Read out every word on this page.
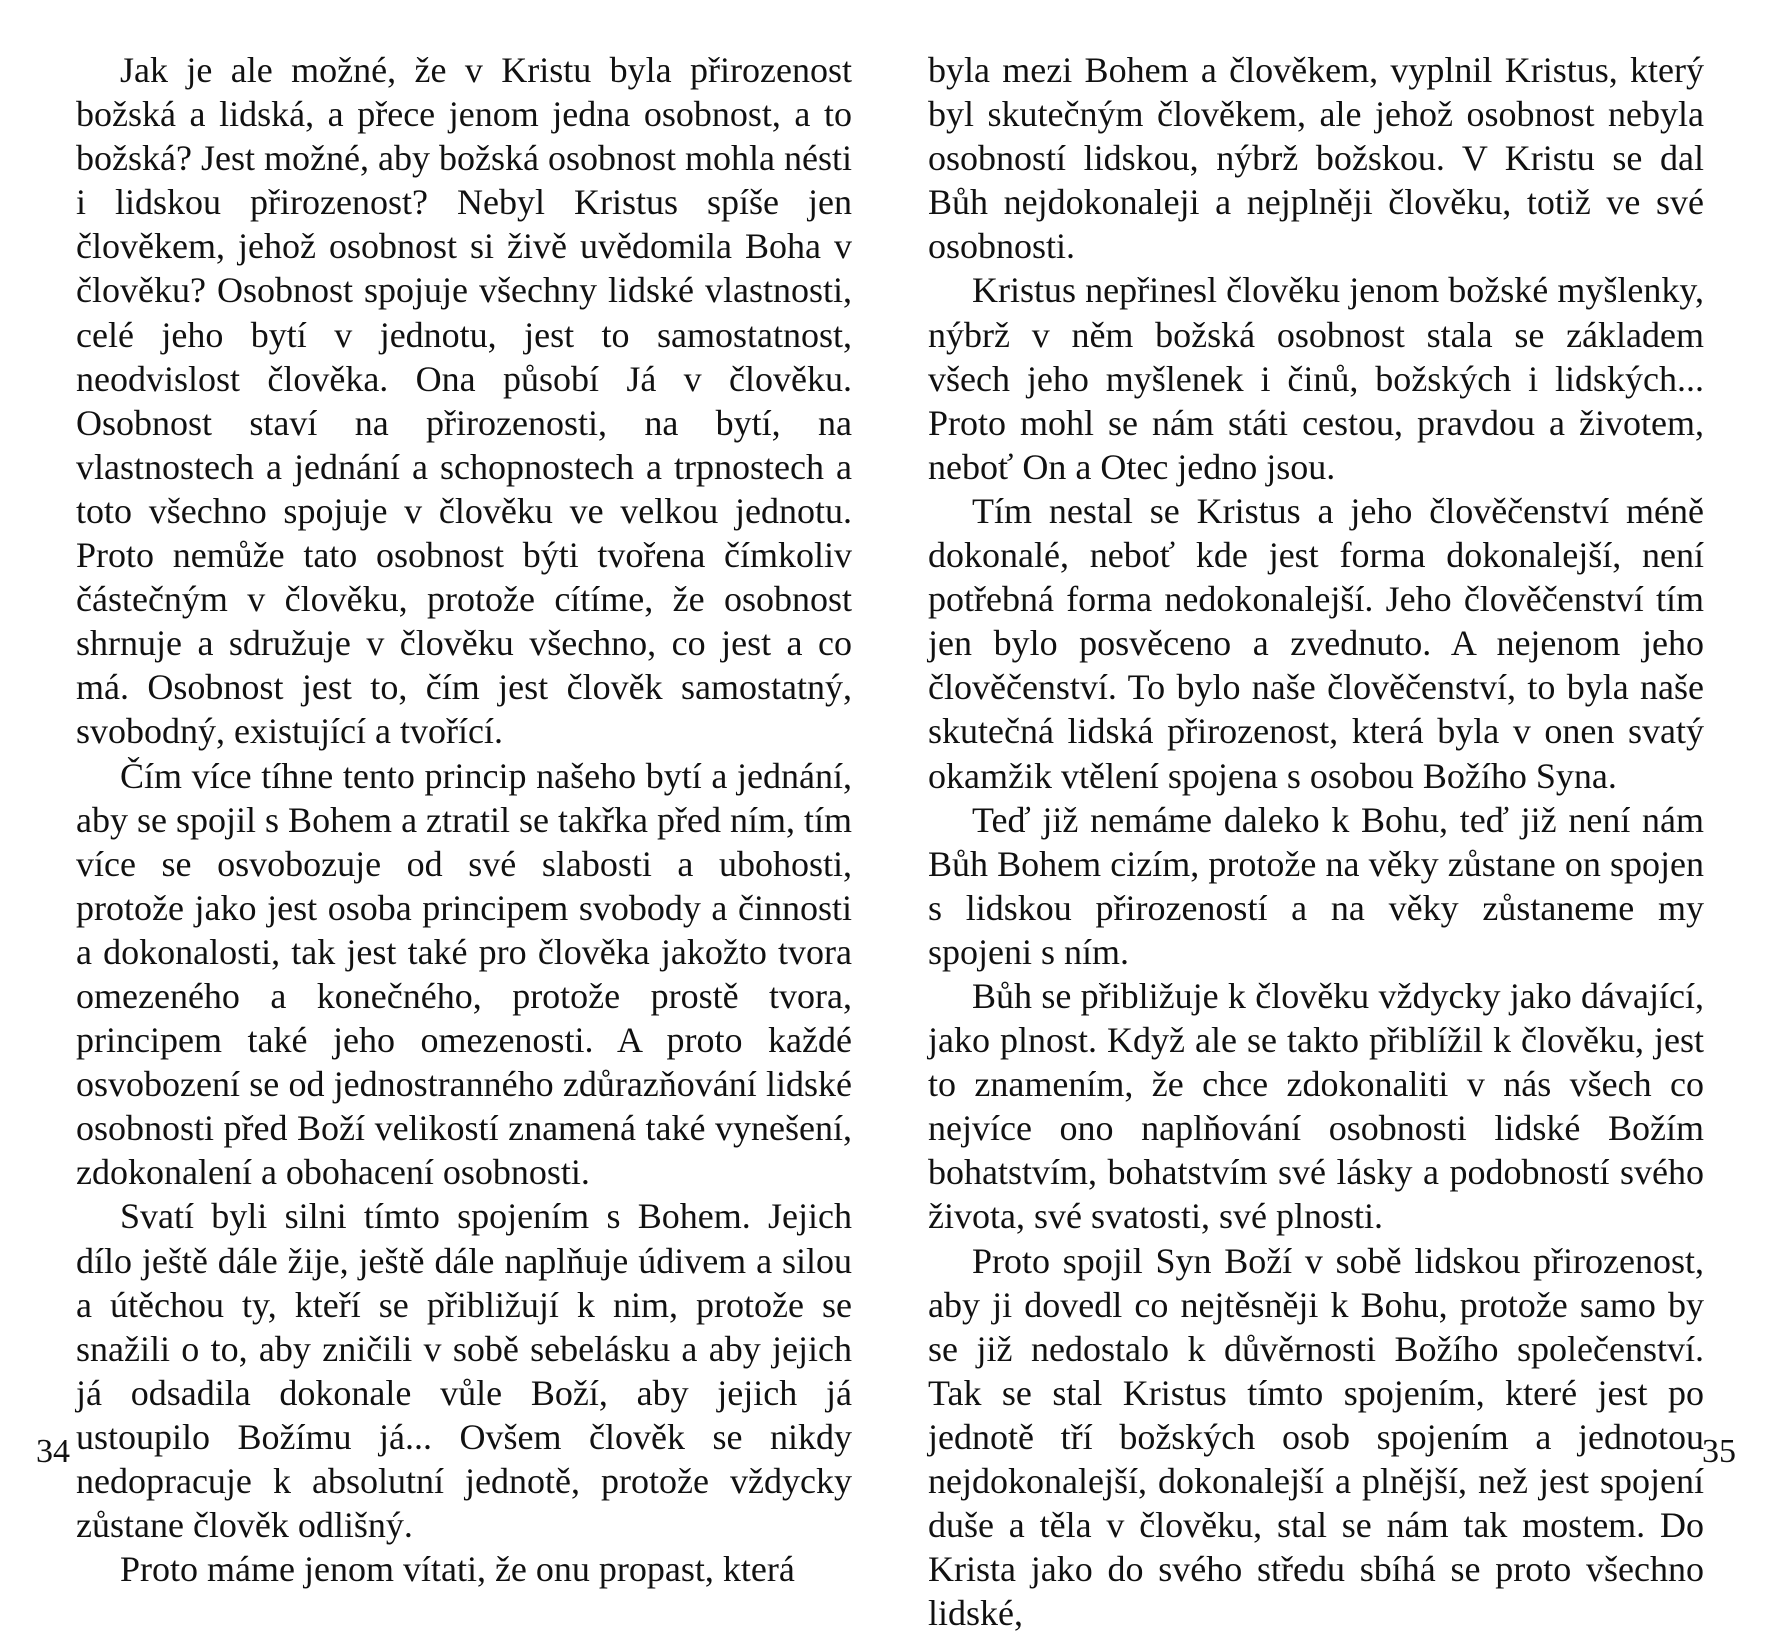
Jak je ale možné, že v Kristu byla přirozenost božská a lidská, a přece jenom jedna osobnost, a to božská? Jest možné, aby božská osobnost mohla nésti i lidskou přirozenost? Nebyl Kristus spíše jen člověkem, jehož osobnost si živě uvědomila Boha v člověku? Osobnost spojuje všechny lidské vlastnosti, celé jeho bytí v jednotu, jest to samostatnost, neodvislost člověka. Ona působí Já v člověku. Osobnost staví na přirozenosti, na bytí, na vlastnostech a jednání a schopnostech a trpnostech a toto všechno spojuje v člověku ve velkou jednotu. Proto nemůže tato osobnost býti tvořena čímkoliv částečným v člověku, protože cítíme, že osobnost shrnuje a sdružuje v člověku všechno, co jest a co má. Osobnost jest to, čím jest člověk samostatný, svobodný, existující a tvořící.

Čím více tíhne tento princip našeho bytí a jednání, aby se spojil s Bohem a ztratil se takřka před ním, tím více se osvobozuje od své slabosti a ubohosti, protože jako jest osoba principem svobody a činnosti a dokonalosti, tak jest také pro člověka jakožto tvora omezeného a konečného, protože prostě tvora, principem také jeho omezenosti. A proto každé osvobození se od jednostranného zdůrazňování lidské osobnosti před Boží velikostí znamená také vynešení, zdokonalení a obohacení osobnosti.

Svatí byli silni tímto spojením s Bohem. Jejich dílo ještě dále žije, ještě dále naplňuje údivem a silou a útěchou ty, kteří se přibližují k nim, protože se snažili o to, aby zničili v sobě sebelásku a aby jejich já odsadila dokonale vůle Boží, aby jejich já ustoupilo Božímu já... Ovšem člověk se nikdy nedopracuje k absolutní jednotě, protože vždycky zůstane člověk odlišný.

Proto máme jenom vítati, že onu propast, která

34

byla mezi Bohem a člověkem, vyplnil Kristus, který byl skutečným člověkem, ale jehož osobnost nebyla osobností lidskou, nýbrž božskou. V Kristu se dal Bůh nejdokonaleji a nejplněji člověku, totiž ve své osobnosti.

Kristus nepřinesl člověku jenom božské myšlenky, nýbrž v něm božská osobnost stala se základem všech jeho myšlenek i činů, božských i lidských... Proto mohl se nám státi cestou, pravdou a životem, neboť On a Otec jedno jsou.

Tím nestal se Kristus a jeho člověčenství méně dokonalé, neboť kde jest forma dokonalejší, není potřebná forma nedokonalejší. Jeho člověčenství tím jen bylo posvěceno a zvednuto. A nejenom jeho člověčenství. To bylo naše člověčenství, to byla naše skutečná lidská přirozenost, která byla v onen svatý okamžik vtělení spojena s osobou Božího Syna.

Teď již nemáme daleko k Bohu, teď již není nám Bůh Bohem cizím, protože na věky zůstane on spojen s lidskou přirozeností a na věky zůstaneme my spojeni s ním.

Bůh se přibližuje k člověku vždycky jako dávající, jako plnost. Když ale se takto přiblížil k člověku, jest to znamením, že chce zdokonaliti v nás všech co nejvíce ono naplňování osobnosti lidské Božím bohatstvím, bohatstvím své lásky a podobností svého života, své svatosti, své plnosti.

Proto spojil Syn Boží v sobě lidskou přirozenost, aby ji dovedl co nejtěsněji k Bohu, protože samo by se již nedostalo k důvěrnosti Božího společenství. Tak se stal Kristus tímto spojením, které jest po jednotě tří božských osob spojením a jednotou nejdokonalejší, dokonalejší a plnější, než jest spojení duše a těla v člověku, stal se nám tak mostem. Do Krista jako do svého středu sbíhá se proto všechno lidské,

35
